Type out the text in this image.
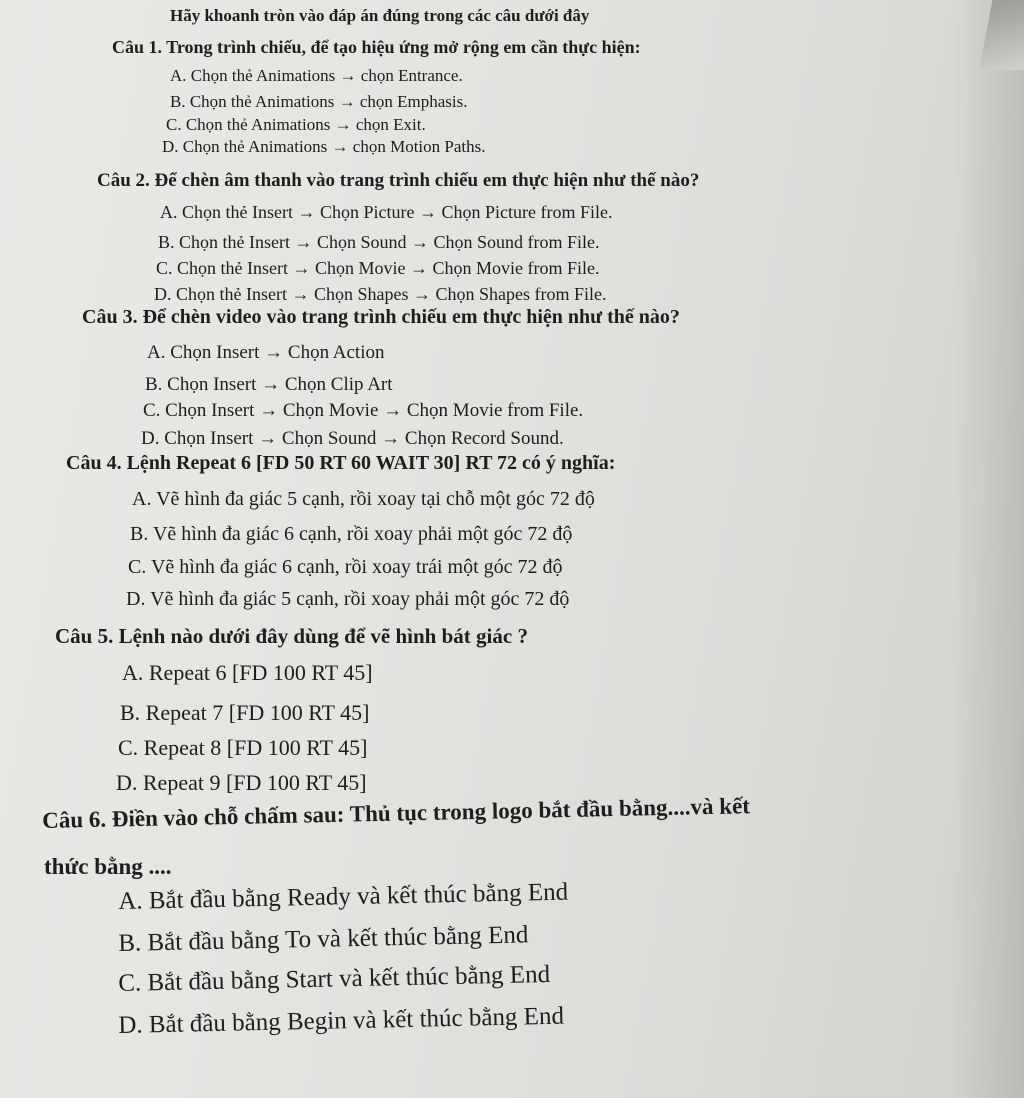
Hãy khoanh tròn vào đáp án đúng trong các câu dưới đây
Câu 1. Trong trình chiếu, để tạo hiệu ứng mở rộng em cần thực hiện:
A. Chọn thẻ Animations → chọn Entrance.
B. Chọn thẻ Animations → chọn Emphasis.
C. Chọn thẻ Animations → chọn Exit.
D. Chọn thẻ Animations → chọn Motion Paths.
Câu 2. Để chèn âm thanh vào trang trình chiếu em thực hiện như thế nào?
A. Chọn thẻ Insert → Chọn Picture → Chọn Picture from File.
B. Chọn thẻ Insert → Chọn Sound → Chọn Sound from File.
C. Chọn thẻ Insert → Chọn Movie → Chọn Movie from File.
D. Chọn thẻ Insert → Chọn Shapes → Chọn Shapes from File.
Câu 3. Để chèn video vào trang trình chiếu em thực hiện như thế nào?
A. Chọn Insert → Chọn Action
B. Chọn Insert → Chọn Clip Art
C. Chọn Insert → Chọn Movie → Chọn Movie from File.
D. Chọn Insert → Chọn Sound → Chọn Record Sound.
Câu 4. Lệnh Repeat 6 [FD 50 RT 60 WAIT 30] RT 72 có ý nghĩa:
A. Vẽ hình đa giác 5 cạnh, rồi xoay tại chỗ một góc 72 độ
B. Vẽ hình đa giác 6 cạnh, rồi xoay phải một góc 72 độ
C. Vẽ hình đa giác 6 cạnh, rồi xoay trái một góc 72 độ
D. Vẽ hình đa giác 5 cạnh, rồi xoay phải một góc 72 độ
Câu 5. Lệnh nào dưới đây dùng để vẽ hình bát giác ?
A. Repeat 6 [FD 100 RT 45]
B. Repeat 7 [FD 100 RT 45]
C. Repeat 8 [FD 100 RT 45]
D. Repeat 9 [FD 100 RT 45]
Câu 6. Điền vào chỗ chấm sau: Thủ tục trong logo bắt đầu bằng....và kết
thức bằng ....
A. Bắt đầu bằng Ready và kết thúc bằng End
B. Bắt đầu bằng To và kết thúc bằng End
C. Bắt đầu bằng Start và kết thúc bằng End
D. Bắt đầu bằng Begin và kết thúc bằng End
